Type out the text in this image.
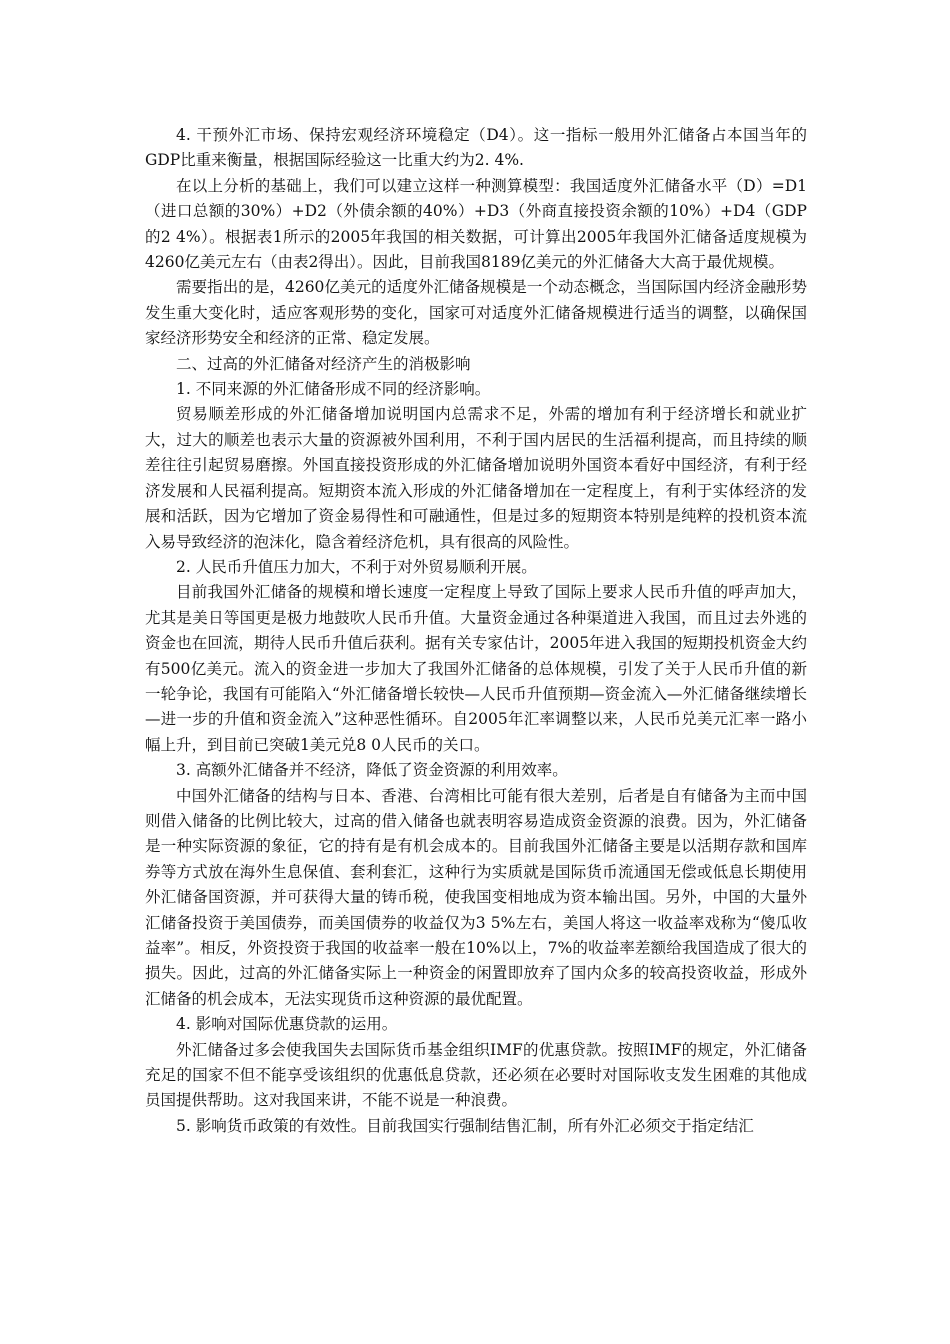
4. 干预外汇市场、保持宏观经济环境稳定（D4）。这一指标一般用外汇储备占本国当年的GDP比重来衡量，根据国际经验这一比重大约为2. 4%.

在以上分析的基础上，我们可以建立这样一种测算模型：我国适度外汇储备水平（D）=D1（进口总额的30%）+D2（外债余额的40%）+D3（外商直接投资余额的10%）+D4（GDP的2 4%）。根据表1所示的2005年我国的相关数据，可计算出2005年我国外汇储备适度规模为4260亿美元左右（由表2得出）。因此，目前我国8189亿美元的外汇储备大大高于最优规模。

需要指出的是，4260亿美元的适度外汇储备规模是一个动态概念，当国际国内经济金融形势发生重大变化时，适应客观形势的变化，国家可对适度外汇储备规模进行适当的调整，以确保国家经济形势安全和经济的正常、稳定发展。

二、过高的外汇储备对经济产生的消极影响

1. 不同来源的外汇储备形成不同的经济影响。

贸易顺差形成的外汇储备增加说明国内总需求不足，外需的增加有利于经济增长和就业扩大，过大的顺差也表示大量的资源被外国利用，不利于国内居民的生活福利提高，而且持续的顺差往往引起贸易磨擦。外国直接投资形成的外汇储备增加说明外国资本看好中国经济，有利于经济发展和人民福利提高。短期资本流入形成的外汇储备增加在一定程度上，有利于实体经济的发展和活跃，因为它增加了资金易得性和可融通性，但是过多的短期资本特别是纯粹的投机资本流入易导致经济的泡沫化，隐含着经济危机，具有很高的风险性。

2. 人民币升值压力加大，不利于对外贸易顺利开展。

目前我国外汇储备的规模和增长速度一定程度上导致了国际上要求人民币升值的呼声加大，尤其是美日等国更是极力地鼓吹人民币升值。大量资金通过各种渠道进入我国，而且过去外逃的资金也在回流，期待人民币升值后获利。据有关专家估计，2005年进入我国的短期投机资金大约有500亿美元。流入的资金进一步加大了我国外汇储备的总体规模，引发了关于人民币升值的新一轮争论，我国有可能陷入“外汇储备增长较快—人民币升值预期—资金流入—外汇储备继续增长—进一步的升值和资金流入”这种恶性循环。自2005年汇率调整以来，人民币兑美元汇率一路小幅上升，到目前已突破1美元兑8 0人民币的关口。

3. 高额外汇储备并不经济，降低了资金资源的利用效率。

中国外汇储备的结构与日本、香港、台湾相比可能有很大差别，后者是自有储备为主而中国则借入储备的比例比较大，过高的借入储备也就表明容易造成资金资源的浪费。因为，外汇储备是一种实际资源的象征，它的持有是有机会成本的。目前我国外汇储备主要是以活期存款和国库券等方式放在海外生息保值、套利套汇，这种行为实质就是国际货币流通国无偿或低息长期使用外汇储备国资源，并可获得大量的铸币税，使我国变相地成为资本输出国。另外，中国的大量外汇储备投资于美国债券，而美国债券的收益仅为3 5%左右，美国人将这一收益率戏称为“傻瓜收益率”。相反，外资投资于我国的收益率一般在10%以上，7%的收益率差额给我国造成了很大的损失。因此，过高的外汇储备实际上一种资金的闲置即放弃了国内众多的较高投资收益，形成外汇储备的机会成本，无法实现货币这种资源的最优配置。

4. 影响对国际优惠贷款的运用。

外汇储备过多会使我国失去国际货币基金组织IMF的优惠贷款。按照IMF的规定，外汇储备充足的国家不但不能享受该组织的优惠低息贷款，还必须在必要时对国际收支发生困难的其他成员国提供帮助。这对我国来讲，不能不说是一种浪费。

5. 影响货币政策的有效性。目前我国实行强制结售汇制，所有外汇必须交于指定结汇
